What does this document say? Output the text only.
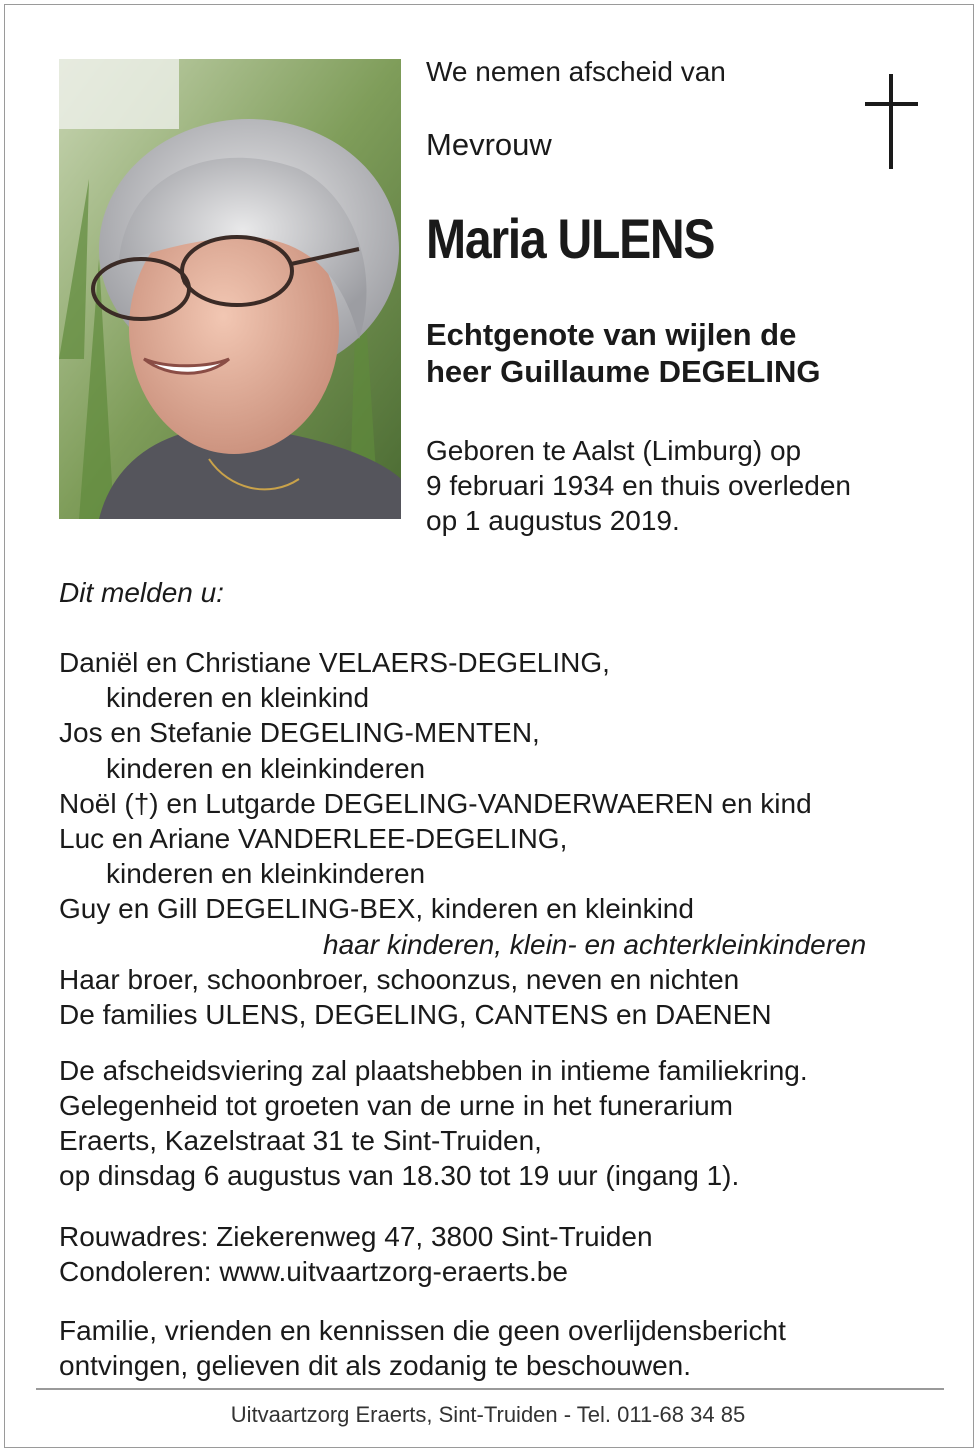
We nemen afscheid van
Mevrouw
Maria ULENS
Echtgenote van wijlen de
heer Guillaume DEGELING
Geboren te Aalst (Limburg) op
9 februari 1934 en thuis overleden
op 1 augustus 2019.
Dit melden u:
Daniël en Christiane VELAERS-DEGELING,
kinderen en kleinkind
Jos en Stefanie DEGELING-MENTEN,
kinderen en kleinkinderen
Noël (†) en Lutgarde DEGELING-VANDERWAEREN en kind
Luc en Ariane VANDERLEE-DEGELING,
kinderen en kleinkinderen
Guy en Gill DEGELING-BEX, kinderen en kleinkind
haar kinderen, klein- en achterkleinkinderen
Haar broer, schoonbroer, schoonzus, neven en nichten
De families ULENS, DEGELING, CANTENS en DAENEN
De afscheidsviering zal plaatshebben in intieme familiekring.
Gelegenheid tot groeten van de urne in het funerarium
Eraerts, Kazelstraat 31 te Sint-Truiden,
op dinsdag 6 augustus van 18.30 tot 19 uur (ingang 1).
Rouwadres: Ziekerenweg 47, 3800 Sint-Truiden
Condoleren: www.uitvaartzorg-eraerts.be
Familie, vrienden en kennissen die geen overlijdensbericht
ontvingen, gelieven dit als zodanig te beschouwen.
Uitvaartzorg Eraerts, Sint-Truiden - Tel. 011-68 34 85
